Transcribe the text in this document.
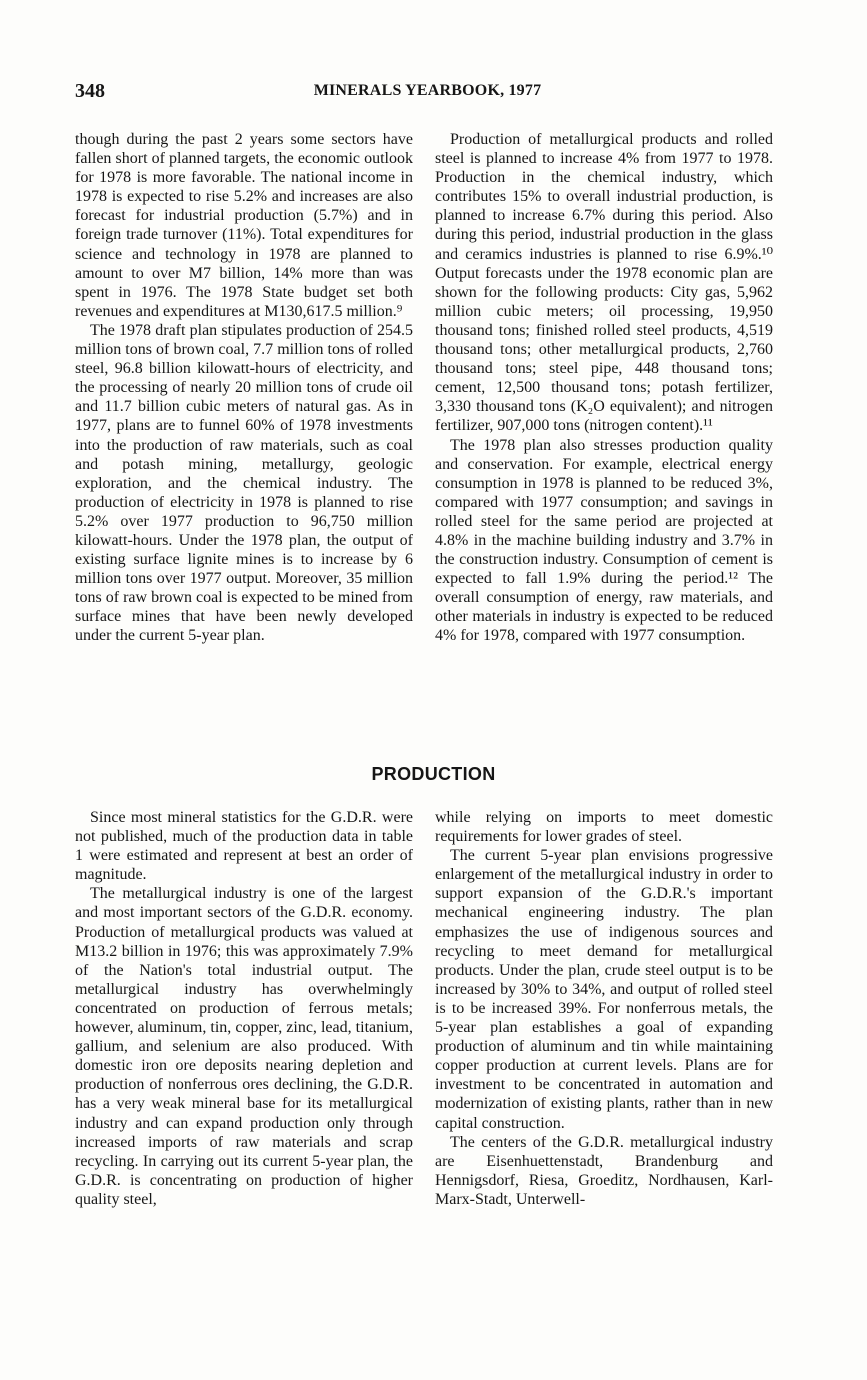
348	MINERALS YEARBOOK, 1977

though during the past 2 years some sectors have fallen short of planned targets, the economic outlook for 1978 is more favorable. The national income in 1978 is expected to rise 5.2% and increases are also forecast for industrial production (5.7%) and in foreign trade turnover (11%). Total expenditures for science and technology in 1978 are planned to amount to over M7 billion, 14% more than was spent in 1976. The 1978 State budget set both revenues and expenditures at M130,617.5 million.⁹

The 1978 draft plan stipulates production of 254.5 million tons of brown coal, 7.7 million tons of rolled steel, 96.8 billion kilowatt-hours of electricity, and the processing of nearly 20 million tons of crude oil and 11.7 billion cubic meters of natural gas. As in 1977, plans are to funnel 60% of 1978 investments into the production of raw materials, such as coal and potash mining, metallurgy, geologic exploration, and the chemical industry. The production of electricity in 1978 is planned to rise 5.2% over 1977 production to 96,750 million kilowatt-hours. Under the 1978 plan, the output of existing surface lignite mines is to increase by 6 million tons over 1977 output. Moreover, 35 million tons of raw brown coal is expected to be mined from surface mines that have been newly developed under the current 5-year plan.

Production of metallurgical products and rolled steel is planned to increase 4% from 1977 to 1978. Production in the chemical industry, which contributes 15% to overall industrial production, is planned to increase 6.7% during this period. Also during this period, industrial production in the glass and ceramics industries is planned to rise 6.9%.¹⁰ Output forecasts under the 1978 economic plan are shown for the following products: City gas, 5,962 million cubic meters; oil processing, 19,950 thousand tons; finished rolled steel products, 4,519 thousand tons; other metallurgical products, 2,760 thousand tons; steel pipe, 448 thousand tons; cement, 12,500 thousand tons; potash fertilizer, 3,330 thousand tons (K₂O equivalent); and nitrogen fertilizer, 907,000 tons (nitrogen content).¹¹

The 1978 plan also stresses production quality and conservation. For example, electrical energy consumption in 1978 is planned to be reduced 3%, compared with 1977 consumption; and savings in rolled steel for the same period are projected at 4.8% in the machine building industry and 3.7% in the construction industry. Consumption of cement is expected to fall 1.9% during the period.¹² The overall consumption of energy, raw materials, and other materials in industry is expected to be reduced 4% for 1978, compared with 1977 consumption.

PRODUCTION

Since most mineral statistics for the G.D.R. were not published, much of the production data in table 1 were estimated and represent at best an order of magnitude.

The metallurgical industry is one of the largest and most important sectors of the G.D.R. economy. Production of metallurgical products was valued at M13.2 billion in 1976; this was approximately 7.9% of the Nation's total industrial output. The metallurgical industry has overwhelmingly concentrated on production of ferrous metals; however, aluminum, tin, copper, zinc, lead, titanium, gallium, and selenium are also produced. With domestic iron ore deposits nearing depletion and production of nonferrous ores declining, the G.D.R. has a very weak mineral base for its metallurgical industry and can expand production only through increased imports of raw materials and scrap recycling. In carrying out its current 5-year plan, the G.D.R. is concentrating on production of higher quality steel,

while relying on imports to meet domestic requirements for lower grades of steel.

The current 5-year plan envisions progressive enlargement of the metallurgical industry in order to support expansion of the G.D.R.'s important mechanical engineering industry. The plan emphasizes the use of indigenous sources and recycling to meet demand for metallurgical products. Under the plan, crude steel output is to be increased by 30% to 34%, and output of rolled steel is to be increased 39%. For nonferrous metals, the 5-year plan establishes a goal of expanding production of aluminum and tin while maintaining copper production at current levels. Plans are for investment to be concentrated in automation and modernization of existing plants, rather than in new capital construction.

The centers of the G.D.R. metallurgical industry are Eisenhuettenstadt, Brandenburg and Hennigsdorf, Riesa, Groeditz, Nordhausen, Karl-Marx-Stadt, Unterwell-
